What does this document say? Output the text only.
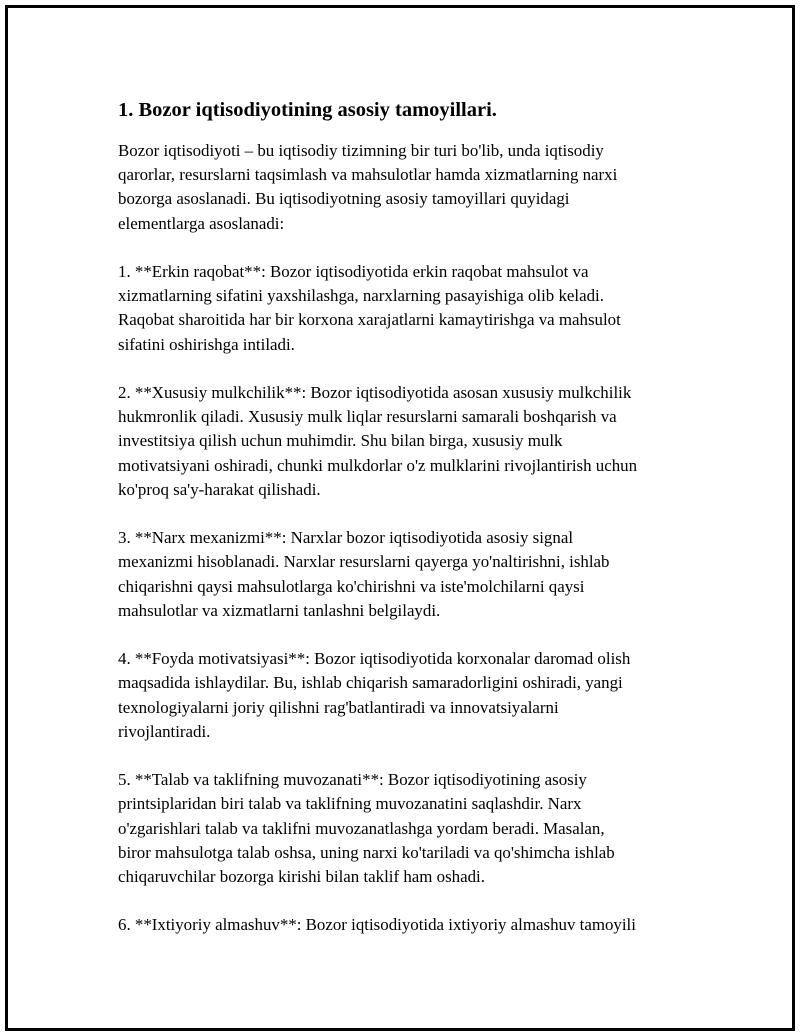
1. Bozor iqtisodiyotining asosiy tamoyillari.
Bozor iqtisodiyoti – bu iqtisodiy tizimning bir turi bo'lib, unda iqtisodiy
qarorlar, resurslarni taqsimlash va mahsulotlar hamda xizmatlarning narxi
bozorga asoslanadi. Bu iqtisodiyotning asosiy tamoyillari quyidagi
elementlarga asoslanadi:
1. **Erkin raqobat**: Bozor iqtisodiyotida erkin raqobat mahsulot va
xizmatlarning sifatini yaxshilashga, narxlarning pasayishiga olib keladi.
Raqobat sharoitida har bir korxona xarajatlarni kamaytirishga va mahsulot
sifatini oshirishga intiladi.
2. **Xususiy mulkchilik**: Bozor iqtisodiyotida asosan xususiy mulkchilik
hukmronlik qiladi. Xususiy mulk liqlar resurslarni samarali boshqarish va
investitsiya qilish uchun muhimdir. Shu bilan birga, xususiy mulk
motivatsiyani oshiradi, chunki mulkdorlar o'z mulklarini rivojlantirish uchun
ko'proq sa'y-harakat qilishadi.
3. **Narx mexanizmi**: Narxlar bozor iqtisodiyotida asosiy signal
mexanizmi hisoblanadi. Narxlar resurslarni qayerga yo'naltirishni, ishlab
chiqarishni qaysi mahsulotlarga ko'chirishni va iste'molchilarni qaysi
mahsulotlar va xizmatlarni tanlashni belgilaydi.
4. **Foyda motivatsiyasi**: Bozor iqtisodiyotida korxonalar daromad olish
maqsadida ishlaydilar. Bu, ishlab chiqarish samaradorligini oshiradi, yangi
texnologiyalarni joriy qilishni rag'batlantiradi va innovatsiyalarni
rivojlantiradi.
5. **Talab va taklifning muvozanati**: Bozor iqtisodiyotining asosiy
printsiplaridan biri talab va taklifning muvozanatini saqlashdir. Narx
o'zgarishlari talab va taklifni muvozanatlashga yordam beradi. Masalan,
biror mahsulotga talab oshsa, uning narxi ko'tariladi va qo'shimcha ishlab
chiqaruvchilar bozorga kirishi bilan taklif ham oshadi.
6. **Ixtiyoriy almashuv**: Bozor iqtisodiyotida ixtiyoriy almashuv tamoyili
